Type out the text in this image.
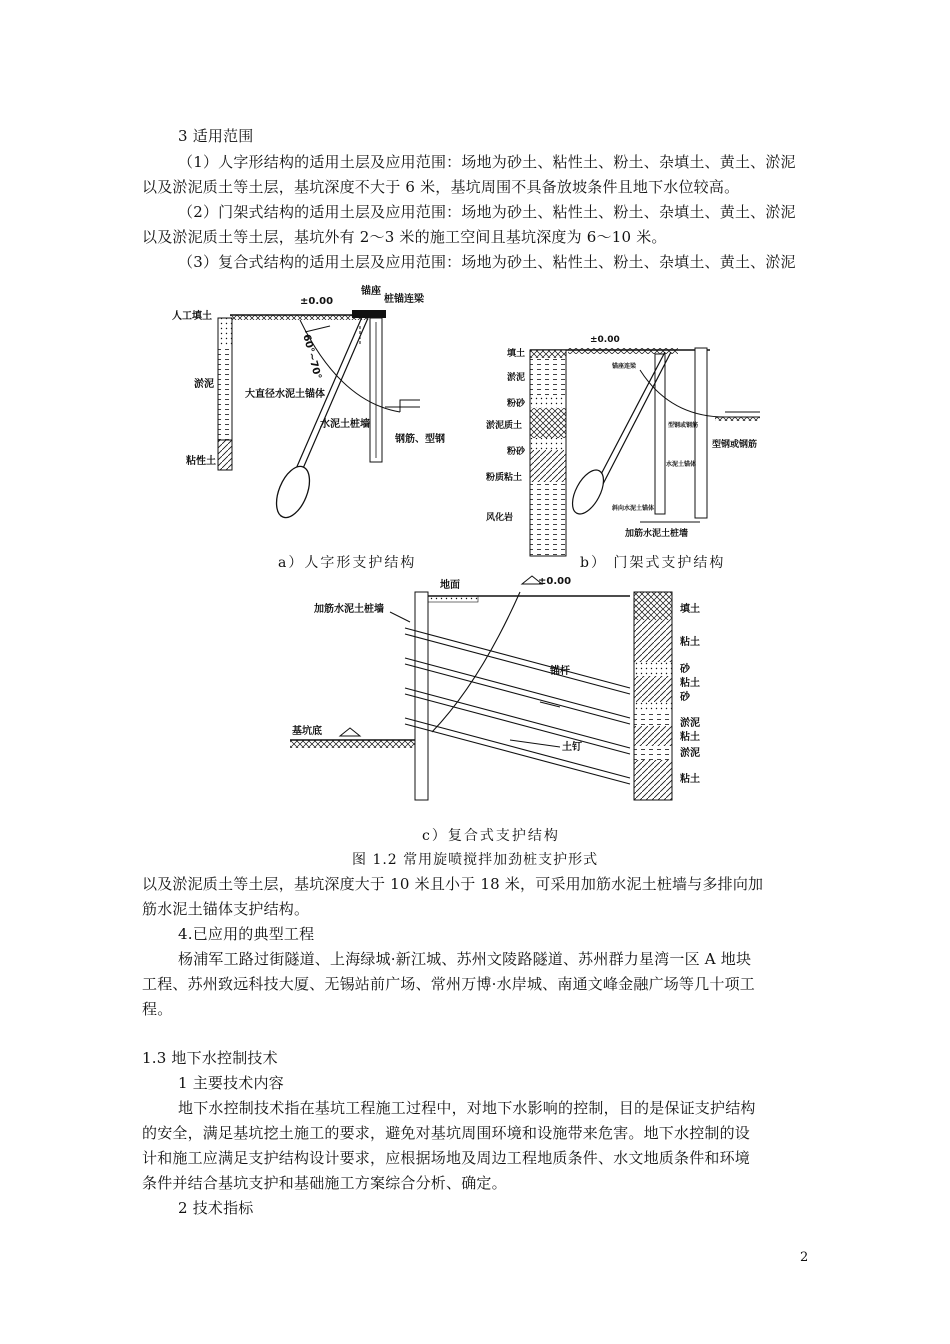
3 适用范围
（1）人字形结构的适用土层及应用范围：场地为砂土、粘性土、粉土、杂填土、黄土、淤泥
以及淤泥质土等土层，基坑深度不大于 6 米，基坑周围不具备放坡条件且地下水位较高。
（2）门架式结构的适用土层及应用范围：场地为砂土、粘性土、粉土、杂填土、黄土、淤泥
以及淤泥质土等土层，基坑外有 2～3 米的施工空间且基坑深度为 6～10 米。
（3）复合式结构的适用土层及应用范围：场地为砂土、粘性土、粉土、杂填土、黄土、淤泥
±0.00
锚座
桩锚连梁
人工填土
淤泥
粘性土
60°~70°
大直径水泥土锚体
水泥土桩墙
钢筋、型钢
±0.00
填土
淤泥
粉砂
淤泥质土
粉砂
粉质粘土
风化岩
锚座连梁
型钢或钢筋
水泥土锚体
斜向水泥土锚体
型钢或钢筋
加筋水泥土桩墙
a）人字形支护结构	b） 门架式支护结构
±0.00
地面
加筋水泥土桩墙
锚杆
土钉
基坑底
填土
粘土
砂
粘土
砂
淤泥
粘土
淤泥
粘土
c）复合式支护结构
图 1.2 常用旋喷搅拌加劲桩支护形式
以及淤泥质土等土层，基坑深度大于 10 米且小于 18 米，可采用加筋水泥土桩墙与多排向加
筋水泥土锚体支护结构。
4.已应用的典型工程
杨浦军工路过街隧道、上海绿城·新江城、苏州文陵路隧道、苏州群力星湾一区 A 地块
工程、苏州致远科技大厦、无锡站前广场、常州万博·水岸城、南通文峰金融广场等几十项工
程。
1.3 地下水控制技术
1 主要技术内容
地下水控制技术指在基坑工程施工过程中，对地下水影响的控制，目的是保证支护结构
的安全，满足基坑挖土施工的要求，避免对基坑周围环境和设施带来危害。地下水控制的设
计和施工应满足支护结构设计要求，应根据场地及周边工程地质条件、水文地质条件和环境
条件并结合基坑支护和基础施工方案综合分析、确定。
2 技术指标
2
